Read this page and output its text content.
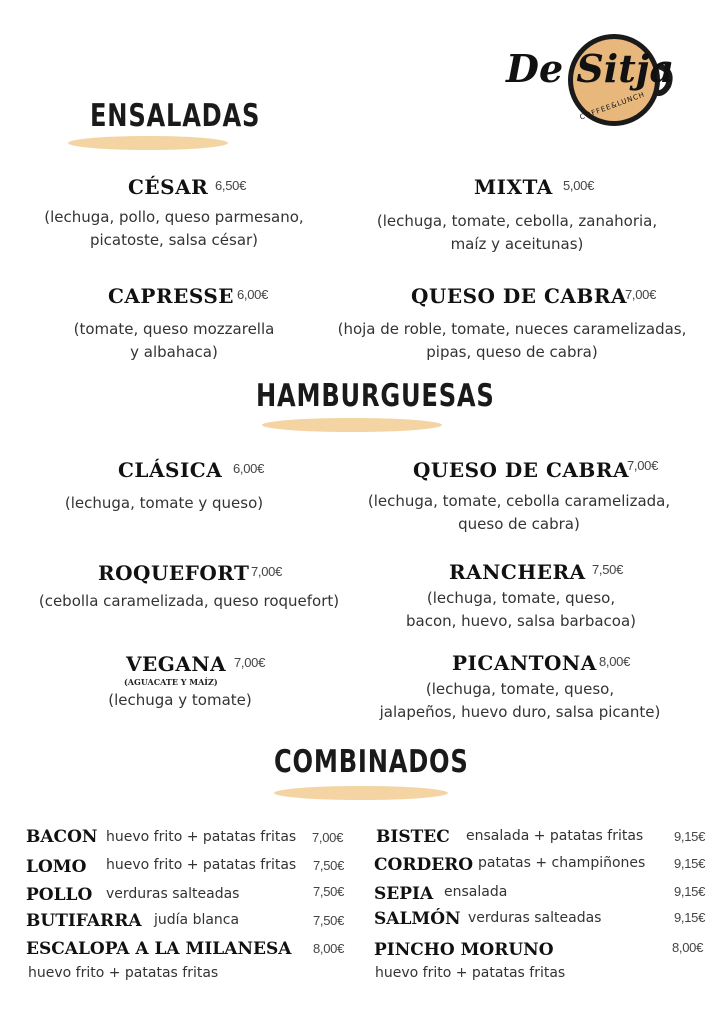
De Sitja
COFFEE&LUNCH
ENSALADAS
CÉSAR 6,50€
(lechuga, pollo, queso parmesano,
picatoste, salsa césar)
MIXTA 5,00€
(lechuga, tomate, cebolla, zanahoria,
maíz y aceitunas)
CAPRESSE 6,00€
(tomate, queso mozzarella
y albahaca)
QUESO DE CABRA
7,00€
(hoja de roble, tomate, nueces caramelizadas,
pipas, queso de cabra)
HAMBURGUESAS
CLÁSICA 6,00€
(lechuga, tomate y queso)
QUESO DE CABRA
7,00€
(lechuga, tomate, cebolla caramelizada,
queso de cabra)
ROQUEFORT 7,00€
(cebolla caramelizada, queso roquefort)
RANCHERA 7,50€
(lechuga, tomate, queso,
bacon, huevo, salsa barbacoa)
VEGANA 7,00€
(AGUACATE Y MAÍZ)
(lechuga y tomate)
PICANTONA 8,00€
(lechuga, tomate, queso,
jalapeños, huevo duro, salsa picante)
COMBINADOS
BACON huevo frito + patatas fritas 7,00€
LOMO huevo frito + patatas fritas 7,50€
POLLO verduras salteadas	7,50€
BUTIFARRA judía blanca	7,50€
ESCALOPA A LA MILANESA 8,00€
huevo frito + patatas fritas
BISTEC ensalada + patatas fritas 9,15€
CORDERO patatas + champiñones 9,15€
SEPIA ensalada	9,15€
SALMÓN verduras salteadas	9,15€
PINCHO MORUNO	8,00€
huevo frito + patatas fritas
